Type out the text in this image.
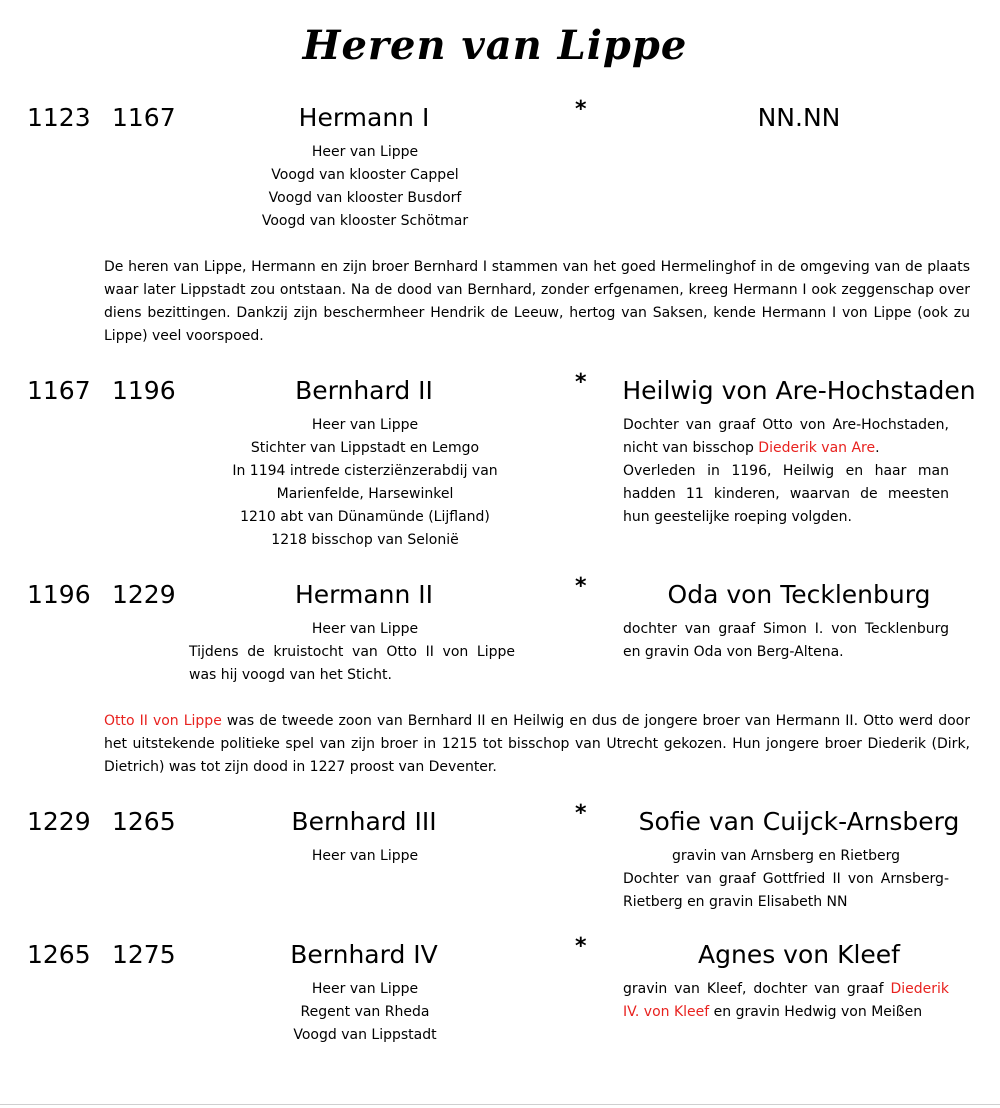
Heren van Lippe
1123 1167	Hermann I	*	NN.NN
Heer van Lippe
Voogd van klooster Cappel
Voogd van klooster Busdorf
Voogd van klooster Schötmar

De heren van Lippe, Hermann en zijn broer Bernhard I stammen van het goed Hermelinghof in de omgeving van de plaats waar later Lippstadt zou ontstaan. Na de dood van Bernhard, zonder erfgenamen, kreeg Hermann I ook zeggenschap over diens bezittingen. Dankzij zijn beschermheer Hendrik de Leeuw, hertog van Saksen, kende Hermann I von Lippe (ook zu Lippe) veel voorspoed.

1167 1196	Bernhard II	* Heilwig von Are-Hochstaden
Heer van Lippe
Stichter van Lippstadt en Lemgo
In 1194 intrede cisterziënzerabdij van
Marienfelde, Harsewinkel
1210 abt van Dünamünde (Lijfland)
1218 bisschop van Seloniё

Dochter van graaf Otto von Are-Hochstaden, nicht van bisschop Diederik van Are.

Overleden in 1196, Heilwig en haar man hadden 11 kinderen, waarvan de meesten hun geestelijke roeping volgden.

1196 1229	Hermann II	*	Oda von Tecklenburg
Heer van Lippe
Tijdens de kruistocht van Otto II von Lippe was hij voogd van het Sticht.
dochter van graaf Simon I. von Tecklenburg en gravin Oda von Berg-Altena.

Otto II von Lippe was de tweede zoon van Bernhard II en Heilwig en dus de jongere broer van Hermann II. Otto werd door het uitstekende politieke spel van zijn broer in 1215 tot bisschop van Utrecht gekozen. Hun jongere broer Diederik (Dirk, Dietrich) was tot zijn dood in 1227 proost van Deventer.

1229 1265	Bernhard III	*	Sofie van Cuijck-Arnsberg
Heer van Lippe	gravin van Arnsberg en Rietberg

Dochter van graaf Gottfried II von Arnsberg-Rietberg en gravin Elisabeth NN

1265 1275	Bernhard IV	*	Agnes von Kleef
Heer van Lippe
Regent van Rheda
Voogd van Lippstadt

gravin van Kleef, dochter van graaf Diederik IV. von Kleef en gravin Hedwig von Meißen
